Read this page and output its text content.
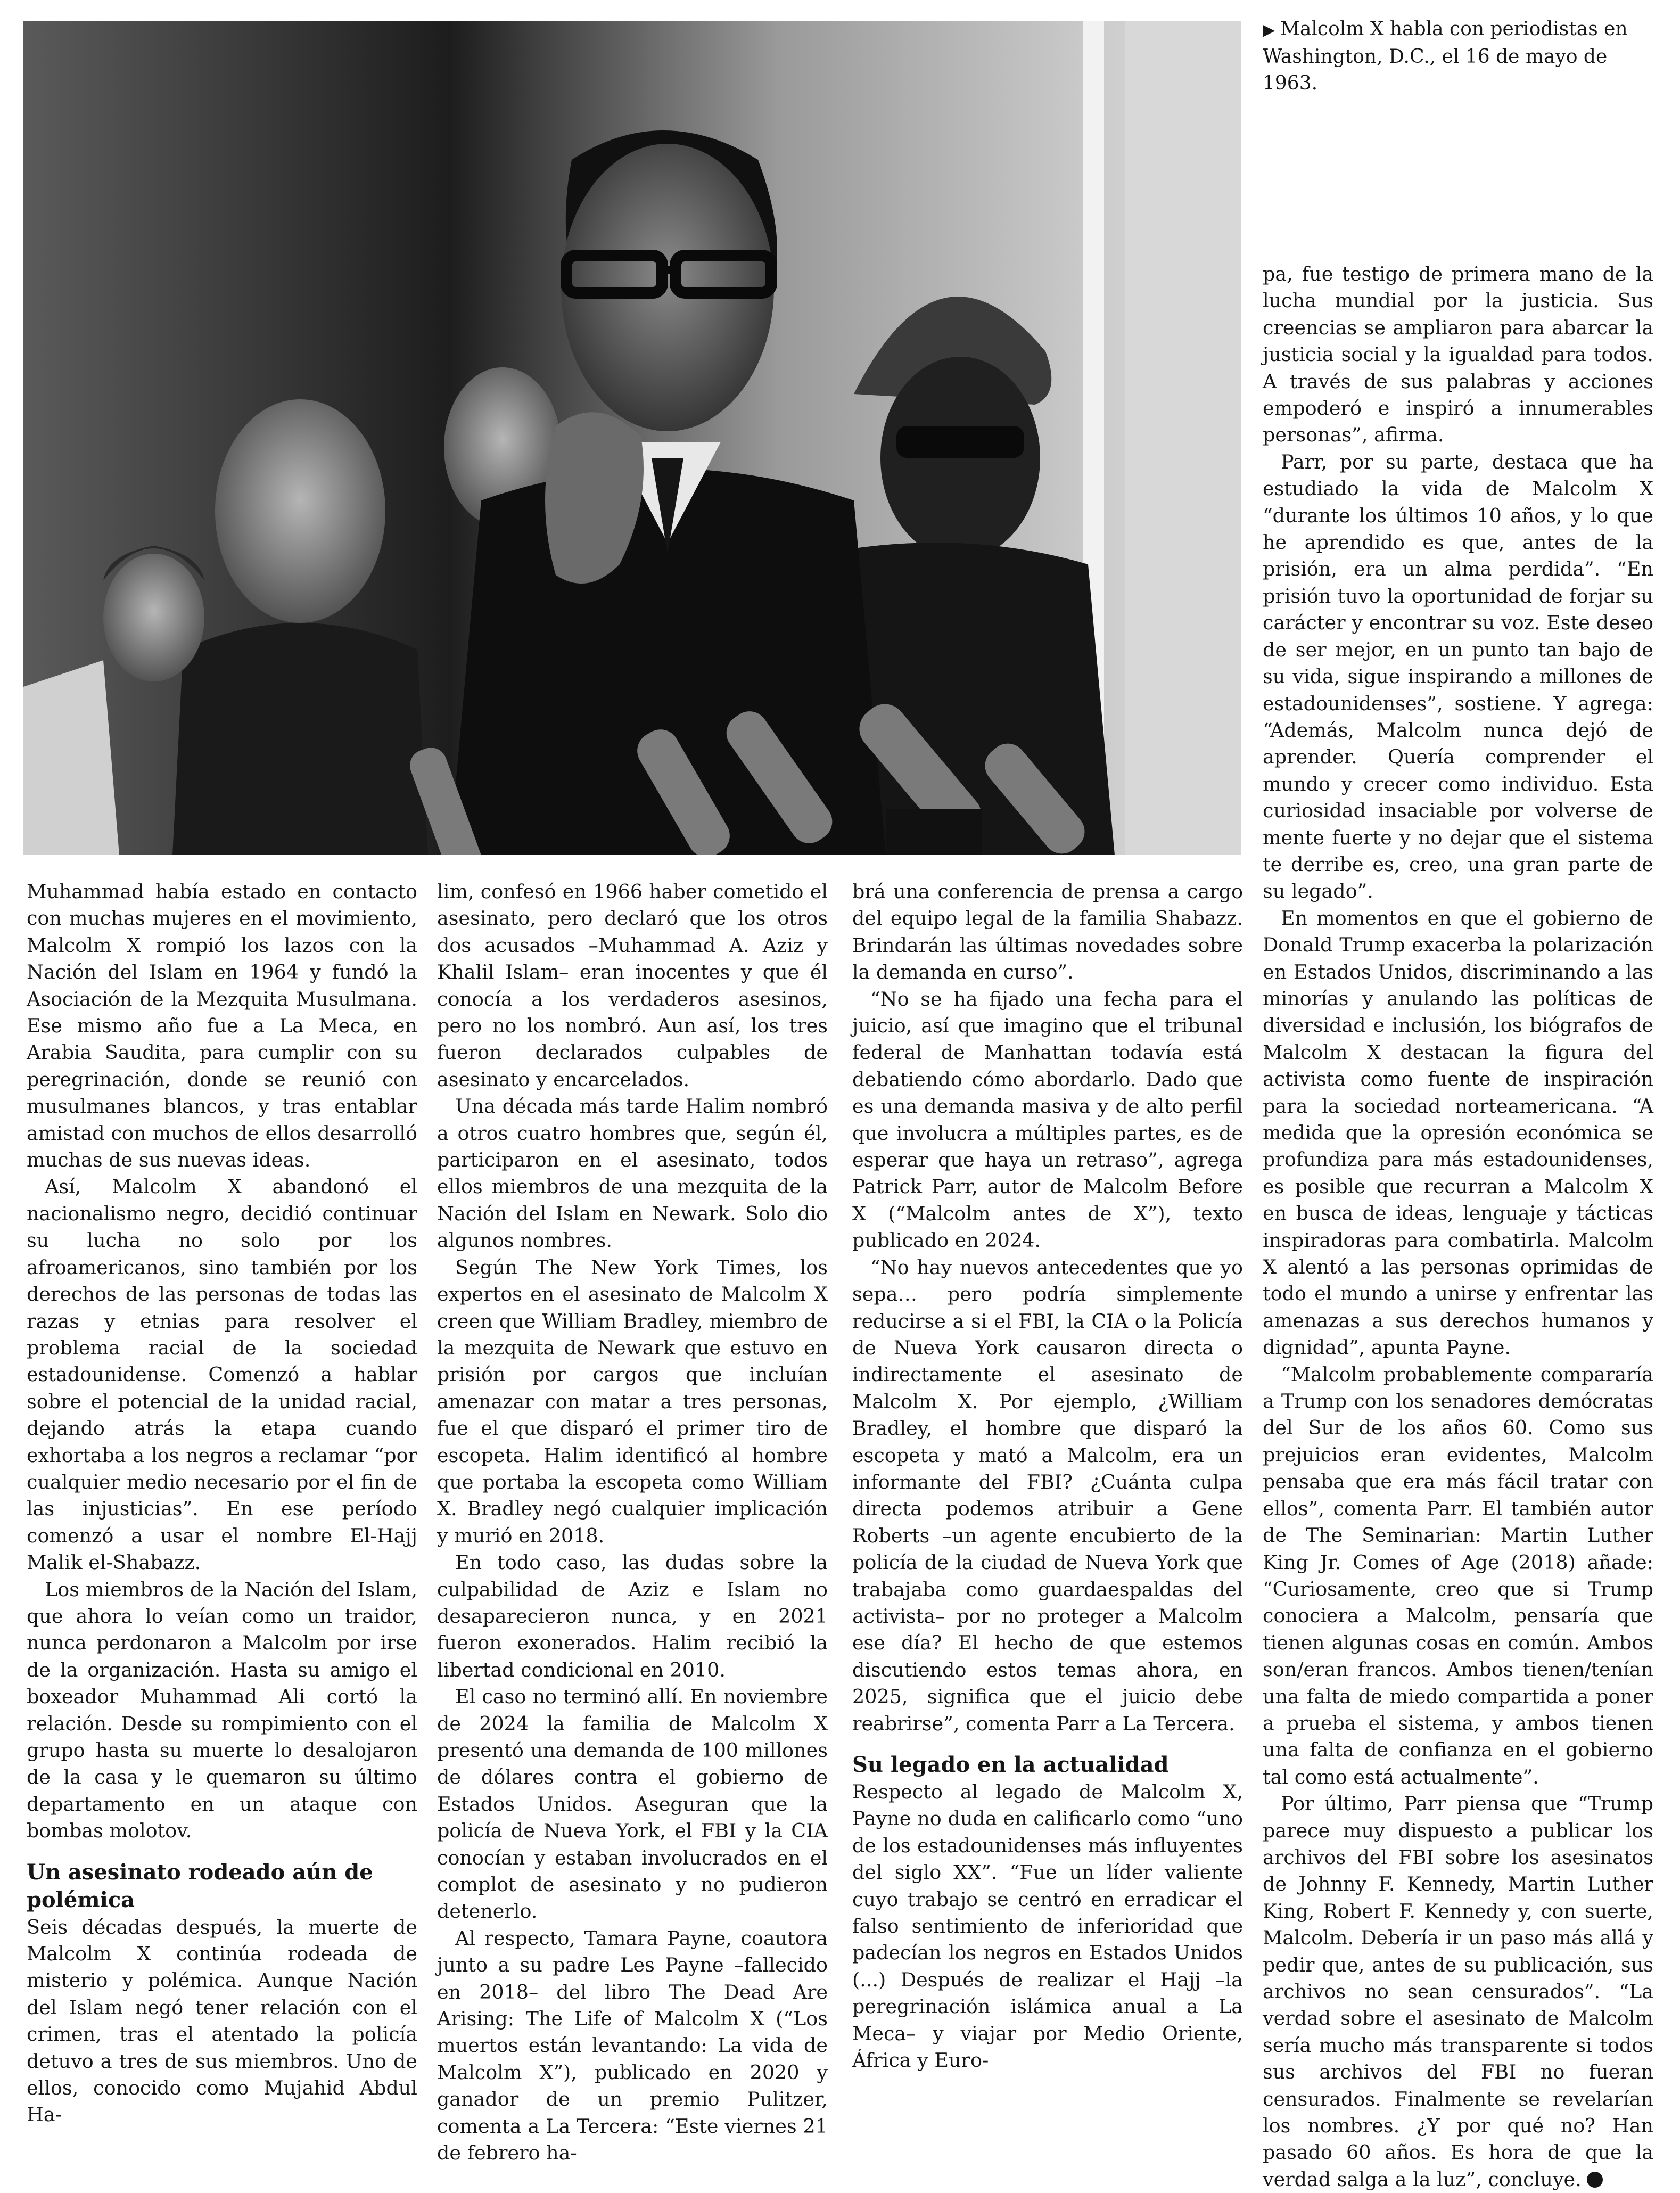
▶ Malcolm X habla con periodistas en Washington, D.C., el 16 de mayo de 1963.

Muhammad había estado en contacto con muchas mujeres en el movimiento, Malcolm X rompió los lazos con la Nación del Islam en 1964 y fundó la Asociación de la Mezquita Musulmana. Ese mismo año fue a La Meca, en Arabia Saudita, para cumplir con su peregrinación, donde se reunió con musulmanes blancos, y tras entablar amistad con muchos de ellos desarrolló muchas de sus nuevas ideas.

Así, Malcolm X abandonó el nacionalismo negro, decidió continuar su lucha no solo por los afroamericanos, sino también por los derechos de las personas de todas las razas y etnias para resolver el problema racial de la sociedad estadounidense. Comenzó a hablar sobre el potencial de la unidad racial, dejando atrás la etapa cuando exhortaba a los negros a reclamar “por cualquier medio necesario por el fin de las injusticias”. En ese período comenzó a usar el nombre El-Hajj Malik el-Shabazz.

Los miembros de la Nación del Islam, que ahora lo veían como un traidor, nunca perdonaron a Malcolm por irse de la organización. Hasta su amigo el boxeador Muhammad Ali cortó la relación. Desde su rompimiento con el grupo hasta su muerte lo desalojaron de la casa y le quemaron su último departamento en un ataque con bombas molotov.

Un asesinato rodeado aún de polémica

Seis décadas después, la muerte de Malcolm X continúa rodeada de misterio y polémica. Aunque Nación del Islam negó tener relación con el crimen, tras el atentado la policía detuvo a tres de sus miembros. Uno de ellos, conocido como Mujahid Abdul Ha-

lim, confesó en 1966 haber cometido el asesinato, pero declaró que los otros dos acusados –Muhammad A. Aziz y Khalil Islam– eran inocentes y que él conocía a los verdaderos asesinos, pero no los nombró. Aun así, los tres fueron declarados culpables de asesinato y encarcelados.

Una década más tarde Halim nombró a otros cuatro hombres que, según él, participaron en el asesinato, todos ellos miembros de una mezquita de la Nación del Islam en Newark. Solo dio algunos nombres.

Según The New York Times, los expertos en el asesinato de Malcolm X creen que William Bradley, miembro de la mezquita de Newark que estuvo en prisión por cargos que incluían amenazar con matar a tres personas, fue el que disparó el primer tiro de escopeta. Halim identificó al hombre que portaba la escopeta como William X. Bradley negó cualquier implicación y murió en 2018.

En todo caso, las dudas sobre la culpabilidad de Aziz e Islam no desaparecieron nunca, y en 2021 fueron exonerados. Halim recibió la libertad condicional en 2010.

El caso no terminó allí. En noviembre de 2024 la familia de Malcolm X presentó una demanda de 100 millones de dólares contra el gobierno de Estados Unidos. Aseguran que la policía de Nueva York, el FBI y la CIA conocían y estaban involucrados en el complot de asesinato y no pudieron detenerlo.

Al respecto, Tamara Payne, coautora junto a su padre Les Payne –fallecido en 2018– del libro The Dead Are Arising: The Life of Malcolm X (“Los muertos están levantando: La vida de Malcolm X”), publicado en 2020 y ganador de un premio Pulitzer, comenta a La Tercera: “Este viernes 21 de febrero ha-

brá una conferencia de prensa a cargo del equipo legal de la familia Shabazz. Brindarán las últimas novedades sobre la demanda en curso”.

“No se ha fijado una fecha para el juicio, así que imagino que el tribunal federal de Manhattan todavía está debatiendo cómo abordarlo. Dado que es una demanda masiva y de alto perfil que involucra a múltiples partes, es de esperar que haya un retraso”, agrega Patrick Parr, autor de Malcolm Before X (“Malcolm antes de X”), texto publicado en 2024.

“No hay nuevos antecedentes que yo sepa… pero podría simplemente reducirse a si el FBI, la CIA o la Policía de Nueva York causaron directa o indirectamente el asesinato de Malcolm X. Por ejemplo, ¿William Bradley, el hombre que disparó la escopeta y mató a Malcolm, era un informante del FBI? ¿Cuánta culpa directa podemos atribuir a Gene Roberts –un agente encubierto de la policía de la ciudad de Nueva York que trabajaba como guardaespaldas del activista– por no proteger a Malcolm ese día? El hecho de que estemos discutiendo estos temas ahora, en 2025, significa que el juicio debe reabrirse”, comenta Parr a La Tercera.

Su legado en la actualidad

Respecto al legado de Malcolm X, Payne no duda en calificarlo como “uno de los estadounidenses más influyentes del siglo XX”. “Fue un líder valiente cuyo trabajo se centró en erradicar el falso sentimiento de inferioridad que padecían los negros en Estados Unidos (...) Después de realizar el Hajj –la peregrinación islámica anual a La Meca– y viajar por Medio Oriente, África y Euro-

pa, fue testigo de primera mano de la lucha mundial por la justicia. Sus creencias se ampliaron para abarcar la justicia social y la igualdad para todos. A través de sus palabras y acciones empoderó e inspiró a innumerables personas”, afirma.

Parr, por su parte, destaca que ha estudiado la vida de Malcolm X “durante los últimos 10 años, y lo que he aprendido es que, antes de la prisión, era un alma perdida”. “En prisión tuvo la oportunidad de forjar su carácter y encontrar su voz. Este deseo de ser mejor, en un punto tan bajo de su vida, sigue inspirando a millones de estadounidenses”, sostiene. Y agrega: “Además, Malcolm nunca dejó de aprender. Quería comprender el mundo y crecer como individuo. Esta curiosidad insaciable por volverse de mente fuerte y no dejar que el sistema te derribe es, creo, una gran parte de su legado”.

En momentos en que el gobierno de Donald Trump exacerba la polarización en Estados Unidos, discriminando a las minorías y anulando las políticas de diversidad e inclusión, los biógrafos de Malcolm X destacan la figura del activista como fuente de inspiración para la sociedad norteamericana. “A medida que la opresión económica se profundiza para más estadounidenses, es posible que recurran a Malcolm X en busca de ideas, lenguaje y tácticas inspiradoras para combatirla. Malcolm X alentó a las personas oprimidas de todo el mundo a unirse y enfrentar las amenazas a sus derechos humanos y dignidad”, apunta Payne.

“Malcolm probablemente compararía a Trump con los senadores demócratas del Sur de los años 60. Como sus prejuicios eran evidentes, Malcolm pensaba que era más fácil tratar con ellos”, comenta Parr. El también autor de The Seminarian: Martin Luther King Jr. Comes of Age (2018) añade: “Curiosamente, creo que si Trump conociera a Malcolm, pensaría que tienen algunas cosas en común. Ambos son/eran francos. Ambos tienen/tenían una falta de miedo compartida a poner a prueba el sistema, y ambos tienen una falta de confianza en el gobierno tal como está actualmente”.

Por último, Parr piensa que “Trump parece muy dispuesto a publicar los archivos del FBI sobre los asesinatos de Johnny F. Kennedy, Martin Luther King, Robert F. Kennedy y, con suerte, Malcolm. Debería ir un paso más allá y pedir que, antes de su publicación, sus archivos no sean censurados”. “La verdad sobre el asesinato de Malcolm sería mucho más transparente si todos sus archivos del FBI no fueran censurados. Finalmente se revelarían los nombres. ¿Y por qué no? Han pasado 60 años. Es hora de que la verdad salga a la luz”, concluye.
